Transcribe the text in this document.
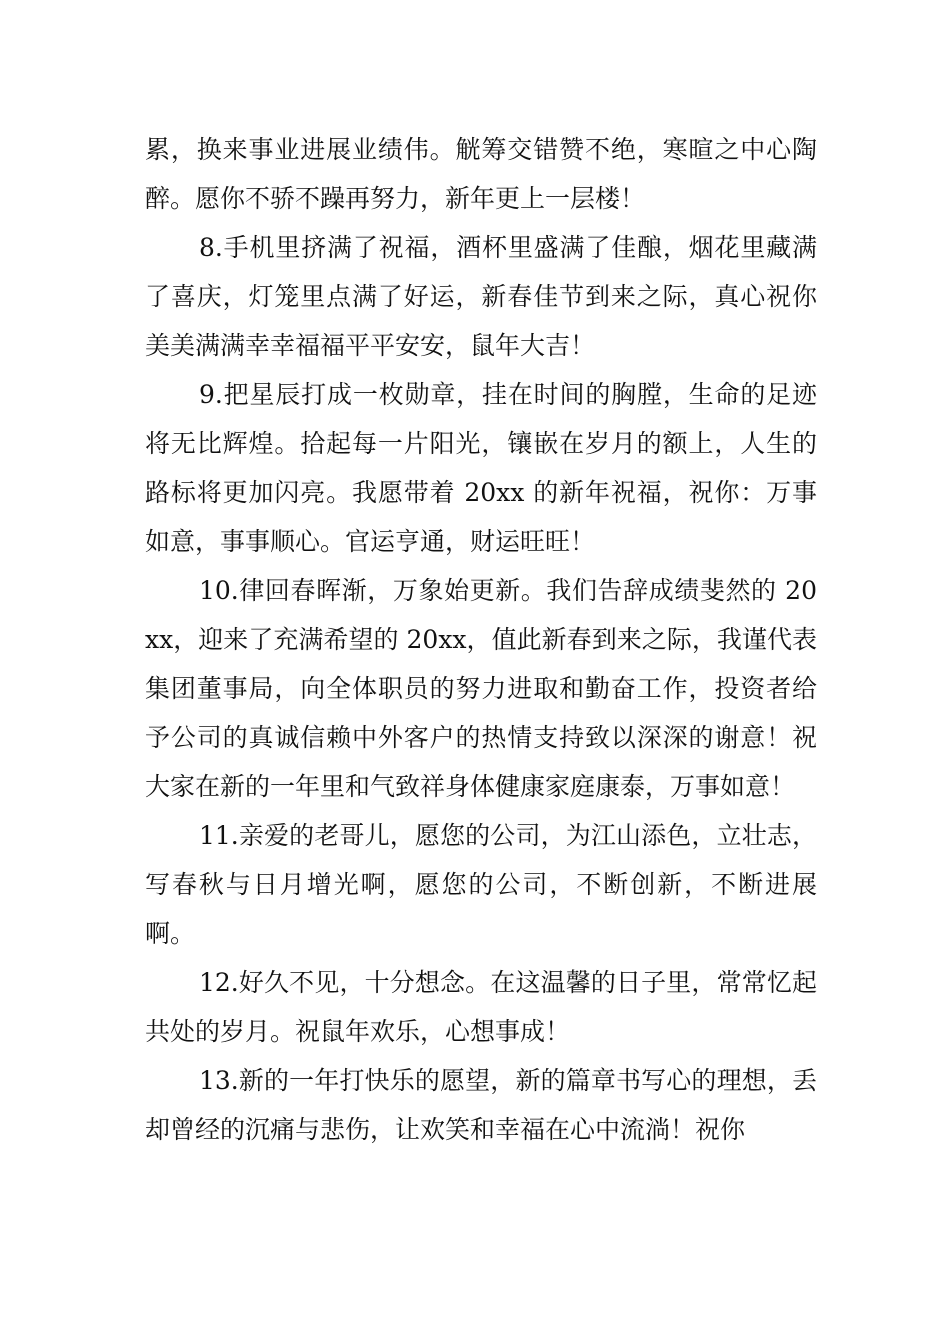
累，换来事业进展业绩伟。觥筹交错赞不绝，寒暄之中心陶醉。愿你不骄不躁再努力，新年更上一层楼！

8.手机里挤满了祝福，酒杯里盛满了佳酿，烟花里藏满了喜庆，灯笼里点满了好运，新春佳节到来之际，真心祝你美美满满幸幸福福平平安安，鼠年大吉！

9.把星辰打成一枚勋章，挂在时间的胸膛，生命的足迹将无比辉煌。拾起每一片阳光，镶嵌在岁月的额上，人生的路标将更加闪亮。我愿带着 20xx 的新年祝福，祝你：万事如意，事事顺心。官运亨通，财运旺旺！

10.律回春晖渐，万象始更新。我们告辞成绩斐然的 20xx，迎来了充满希望的 20xx，值此新春到来之际，我谨代表集团董事局，向全体职员的努力进取和勤奋工作，投资者给予公司的真诚信赖中外客户的热情支持致以深深的谢意！祝大家在新的一年里和气致祥身体健康家庭康泰，万事如意！

11.亲爱的老哥儿，愿您的公司，为江山添色，立壮志，写春秋与日月增光啊，愿您的公司，不断创新，不断进展啊。

12.好久不见，十分想念。在这温馨的日子里，常常忆起共处的岁月。祝鼠年欢乐，心想事成！

13.新的一年打快乐的愿望，新的篇章书写心的理想，丢却曾经的沉痛与悲伤，让欢笑和幸福在心中流淌！祝你
